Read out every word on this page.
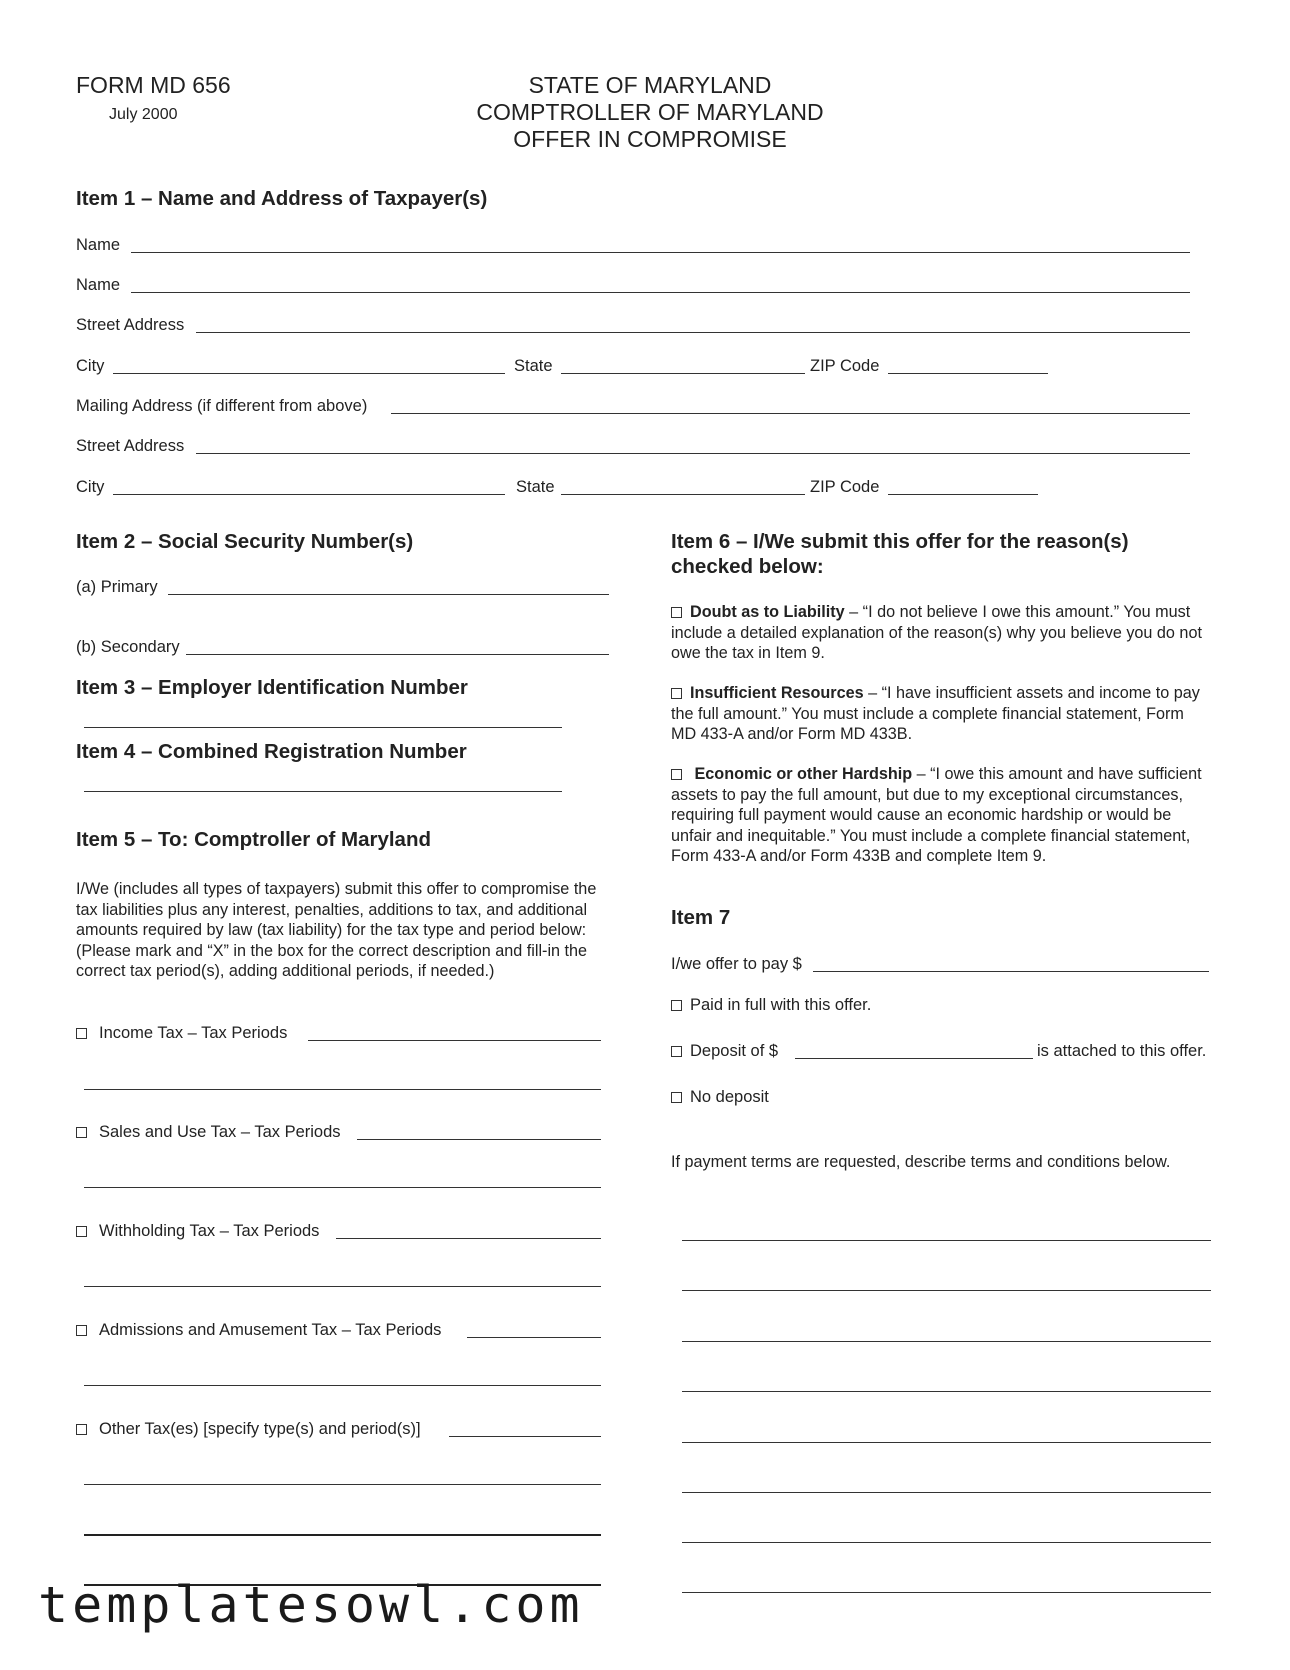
FORM MD 656
July 2000
STATE OF MARYLAND
COMPTROLLER OF MARYLAND
OFFER IN COMPROMISE
Item 1 – Name and Address of Taxpayer(s)
Name
Name
Street Address
City	State	ZIP Code
Mailing Address (if different from above)
Street Address
City	State	ZIP Code
Item 2 – Social Security Number(s)
(a) Primary
(b) Secondary
Item 3 – Employer Identification Number
Item 4 – Combined Registration Number
Item 5 – To: Comptroller of Maryland
I/We (includes all types of taxpayers) submit this offer to compromise the tax liabilities plus any interest, penalties, additions to tax, and additional amounts required by law (tax liability) for the tax type and period below: (Please mark and “X” in the box for the correct description and fill-in the correct tax period(s), adding additional periods, if needed.)
Income Tax – Tax Periods
Sales and Use Tax – Tax Periods
Withholding Tax – Tax Periods
Admissions and Amusement Tax – Tax Periods
Other Tax(es) [specify type(s) and period(s)]
Item 6 – I/We submit this offer for the reason(s)
checked below:
Doubt as to Liability – “I do not believe I owe this amount.” You must include a detailed explanation of the reason(s) why you believe you do not owe the tax in Item 9.
Insufficient Resources – “I have insufficient assets and income to pay the full amount.” You must include a complete financial statement, Form MD 433-A and/or Form MD 433B.
Economic or other Hardship – “I owe this amount and have sufficient assets to pay the full amount, but due to my exceptional circumstances, requiring full payment would cause an economic hardship or would be unfair and inequitable.” You must include a complete financial statement, Form 433-A and/or Form 433B and complete Item 9.
Item 7
I/we offer to pay $
Paid in full with this offer.
Deposit of $	is attached to this offer.
No deposit
If payment terms are requested, describe terms and conditions below.
templatesowl.com
